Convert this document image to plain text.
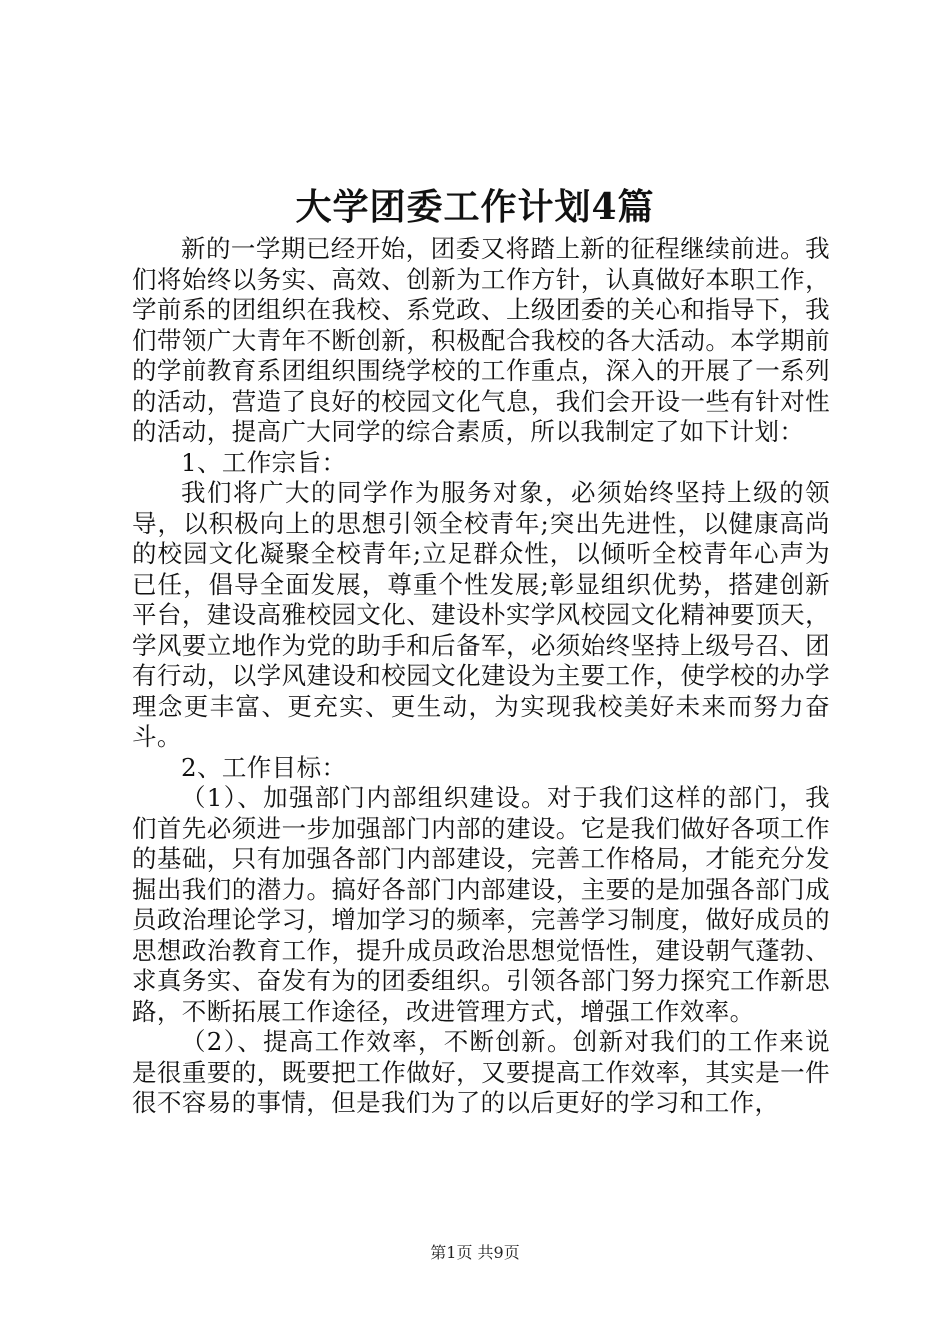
大学团委工作计划4篇

新的一学期已经开始，团委又将踏上新的征程继续前进。我们将始终以务实、高效、创新为工作方针，认真做好本职工作，学前系的团组织在我校、系党政、上级团委的关心和指导下，我们带领广大青年不断创新，积极配合我校的各大活动。本学期前的学前教育系团组织围绕学校的工作重点，深入的开展了一系列的活动，营造了良好的校园文化气息，我们会开设一些有针对性的活动，提高广大同学的综合素质，所以我制定了如下计划：

1、工作宗旨：

我们将广大的同学作为服务对象，必须始终坚持上级的领导，以积极向上的思想引领全校青年;突出先进性，以健康高尚的校园文化凝聚全校青年;立足群众性，以倾听全校青年心声为已任，倡导全面发展，尊重个性发展;彰显组织优势，搭建创新平台，建设高雅校园文化、建设朴实学风校园文化精神要顶天，学风要立地作为党的助手和后备军，必须始终坚持上级号召、团有行动，以学风建设和校园文化建设为主要工作，使学校的办学理念更丰富、更充实、更生动，为实现我校美好未来而努力奋斗。

2、工作目标：

（1）、加强部门内部组织建设。对于我们这样的部门，我们首先必须进一步加强部门内部的建设。它是我们做好各项工作的基础，只有加强各部门内部建设，完善工作格局，才能充分发掘出我们的潜力。搞好各部门内部建设，主要的是加强各部门成员政治理论学习，增加学习的频率，完善学习制度，做好成员的思想政治教育工作，提升成员政治思想觉悟性，建设朝气蓬勃、求真务实、奋发有为的团委组织。引领各部门努力探究工作新思路，不断拓展工作途径，改进管理方式，增强工作效率。

（2）、提高工作效率，不断创新。创新对我们的工作来说是很重要的，既要把工作做好，又要提高工作效率，其实是一件很不容易的事情，但是我们为了的以后更好的学习和工作，

第1页 共9页
